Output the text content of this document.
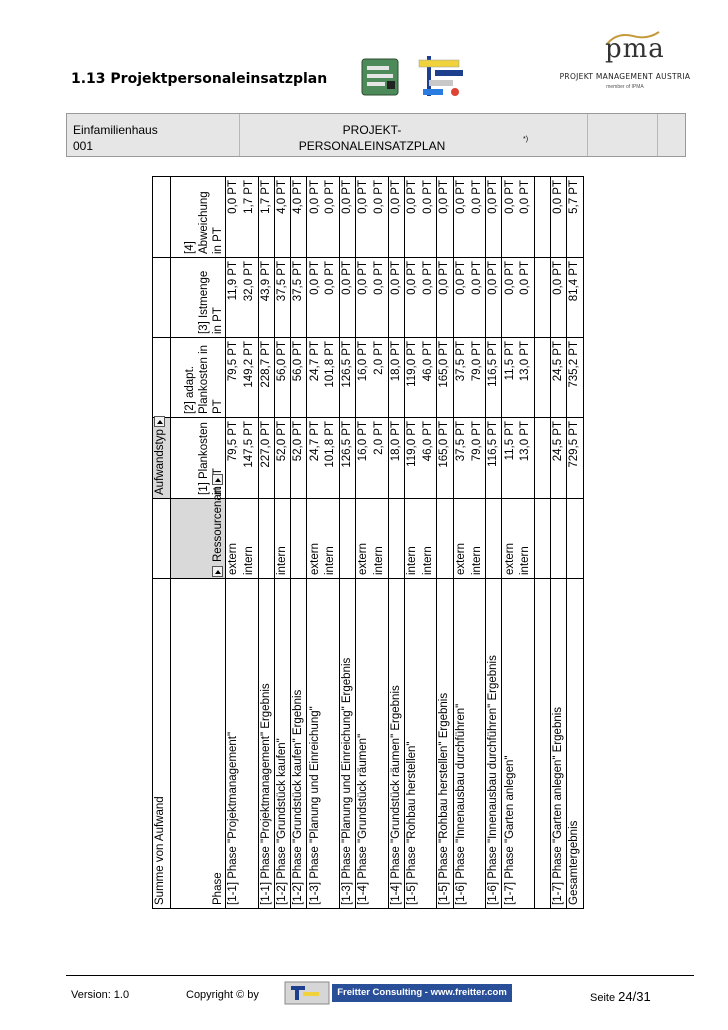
1.13 Projektpersonaleinsatzplan
pma
PROJEKT MANAGEMENT AUSTRIA
member of IPMA
Einfamilienhaus
001
PROJEKT-
PERSONALEINSATZPLAN	*)
Summe von Aufwand		Aufwandstyp			
Phase	Ressourcenart	[1] Plankosten in	[2] adapt. Plankosten in PT	[3] Istmenge in PT	[4] Abweichung in PT
[1-1] Phase "Projektmanagement"	extern	79,5 PT	79,5 PT	11,9 PT	0,0 PT
	intern	147,5 PT	149,2 PT	32,0 PT	1,7 PT
[1-1] Phase "Projektmanagement" Ergebnis		227,0 PT	228,7 PT	43,9 PT	1,7 PT
[1-2] Phase "Grundstück kaufen"	intern	52,0 PT	56,0 PT	37,5 PT	4,0 PT
[1-2] Phase "Grundstück kaufen" Ergebnis		52,0 PT	56,0 PT	37,5 PT	4,0 PT
[1-3] Phase "Planung und Einreichung"	extern	24,7 PT	24,7 PT	0,0 PT	0,0 PT
	intern	101,8 PT	101,8 PT	0,0 PT	0,0 PT
[1-3] Phase "Planung und Einreichung" Ergebnis		126,5 PT	126,5 PT	0,0 PT	0,0 PT
[1-4] Phase "Grundstück räumen"	extern	16,0 PT	16,0 PT	0,0 PT	0,0 PT
	intern	2,0 PT	2,0 PT	0,0 PT	0,0 PT
[1-4] Phase "Grundstück räumen" Ergebnis		18,0 PT	18,0 PT	0,0 PT	0,0 PT
[1-5] Phase "Rohbau herstellen"	intern	119,0 PT	119,0 PT	0,0 PT	0,0 PT
	intern	46,0 PT	46,0 PT	0,0 PT	0,0 PT
[1-5] Phase "Rohbau herstellen" Ergebnis		165,0 PT	165,0 PT	0,0 PT	0,0 PT
[1-6] Phase "Innenausbau durchführen"	extern	37,5 PT	37,5 PT	0,0 PT	0,0 PT
	intern	79,0 PT	79,0 PT	0,0 PT	0,0 PT
[1-6] Phase "Innenausbau durchführen" Ergebnis		116,5 PT	116,5 PT	0,0 PT	0,0 PT
[1-7] Phase "Garten anlegen"	extern	11,5 PT	11,5 PT	0,0 PT	0,0 PT
	intern	13,0 PT	13,0 PT	0,0 PT	0,0 PT

[1-7] Phase "Garten anlegen" Ergebnis		24,5 PT	24,5 PT	0,0 PT	0,0 PT
Gesamtergebnis		729,5 PT	735,2 PT	81,4 PT	5,7 PT
Version: 1.0	Copyright © by	Freitter Consulting - www.freitter.com	Seite 24/31
